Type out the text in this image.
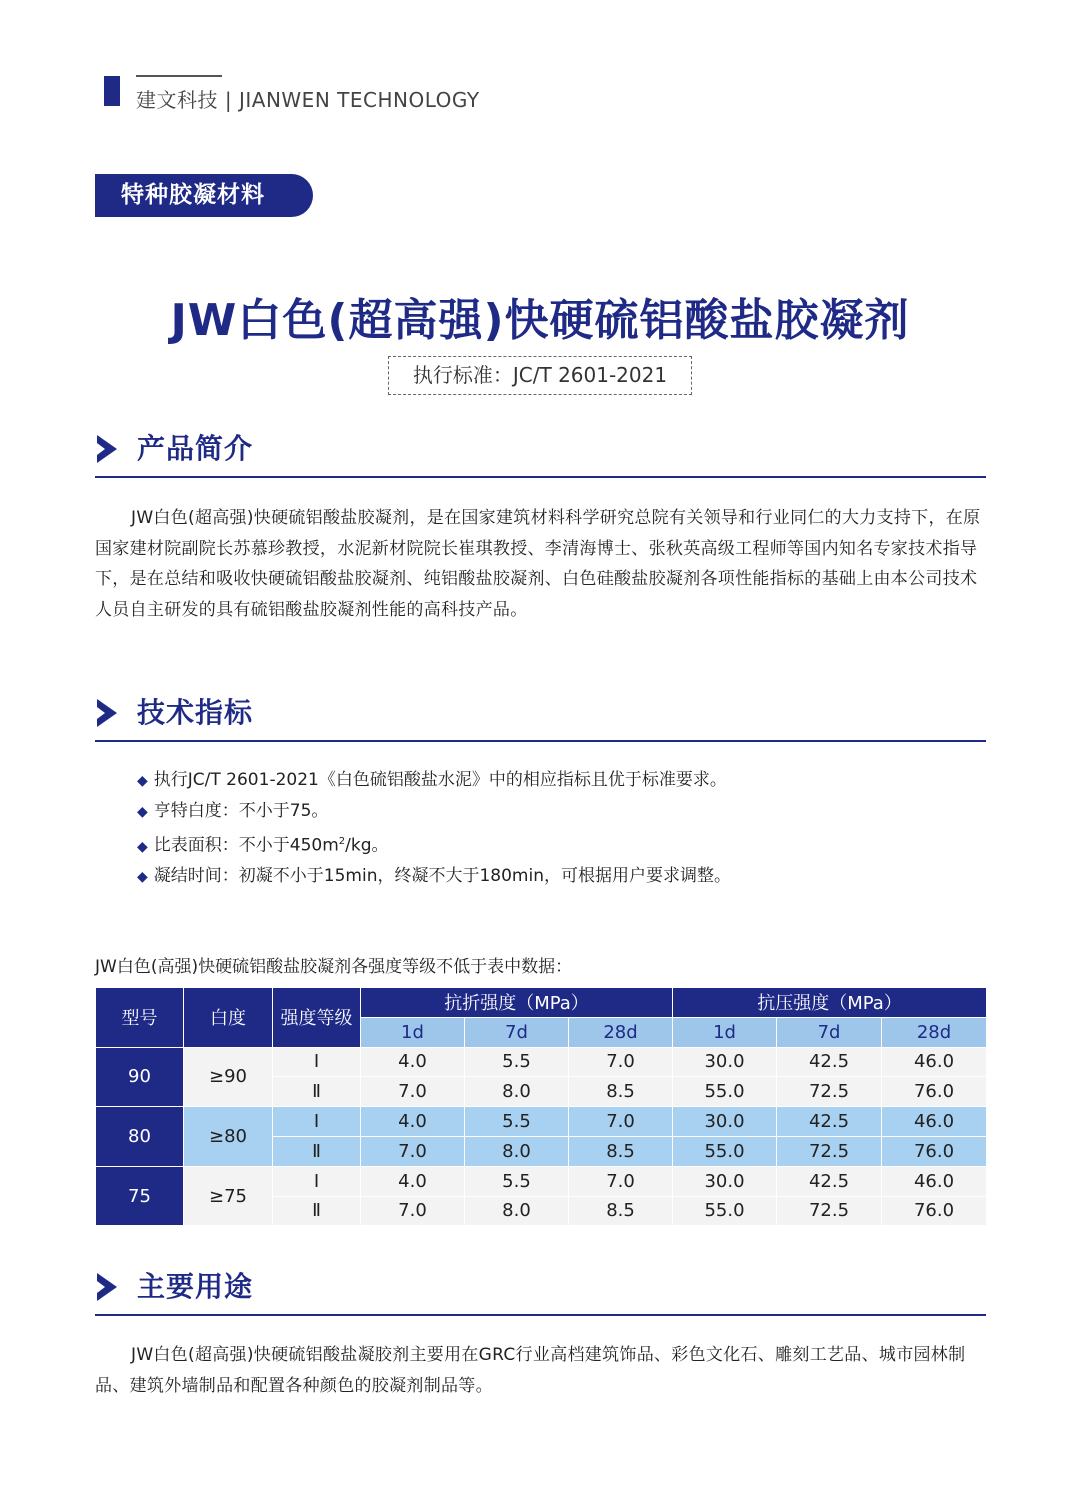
建文科技 | JIANWEN TECHNOLOGY
特种胶凝材料
JW白色(超高强)快硬硫铝酸盐胶凝剂
执行标准：JC/T 2601-2021
产品简介

JW白色(超高强)快硬硫铝酸盐胶凝剂，是在国家建筑材料科学研究总院有关领导和行业同仁的大力支持下，在原国家建材院副院长苏慕珍教授，水泥新材院院长崔琪教授、李清海博士、张秋英高级工程师等国内知名专家技术指导下，是在总结和吸收快硬硫铝酸盐胶凝剂、纯铝酸盐胶凝剂、白色硅酸盐胶凝剂各项性能指标的基础上由本公司技术人员自主研发的具有硫铝酸盐胶凝剂性能的高科技产品。

技术指标
◆ 执行JC/T 2601-2021《白色硫铝酸盐水泥》中的相应指标且优于标准要求。
◆ 亨特白度：不小于75。
◆ 比表面积：不小于$450m^2/kg$。
◆ 凝结时间：初凝不小于15min，终凝不大于180min，可根据用户要求调整。
JW白色(高强)快硬硫铝酸盐胶凝剂各强度等级不低于表中数据：
型号	白度	强度等级	抗折强度（MPa）			抗压强度（MPa）		
			1d	7d	28d	1d	7d	28d
90	≥90	Ⅰ	4.0	5.5	7.0	30.0	42.5	46.0
		Ⅱ	7.0	8.0	8.5	55.0	72.5	76.0
80	≥80	Ⅰ	4.0	5.5	7.0	30.0	42.5	46.0
		Ⅱ	7.0	8.0	8.5	55.0	72.5	76.0
75	≥75	Ⅰ	4.0	5.5	7.0	30.0	42.5	46.0
		Ⅱ	7.0	8.0	8.5	55.0	72.5	76.0
主要用途

JW白色(超高强)快硬硫铝酸盐凝胶剂主要用在GRC行业高档建筑饰品、彩色文化石、雕刻工艺品、城市园林制品、建筑外墙制品和配置各种颜色的胶凝剂制品等。
